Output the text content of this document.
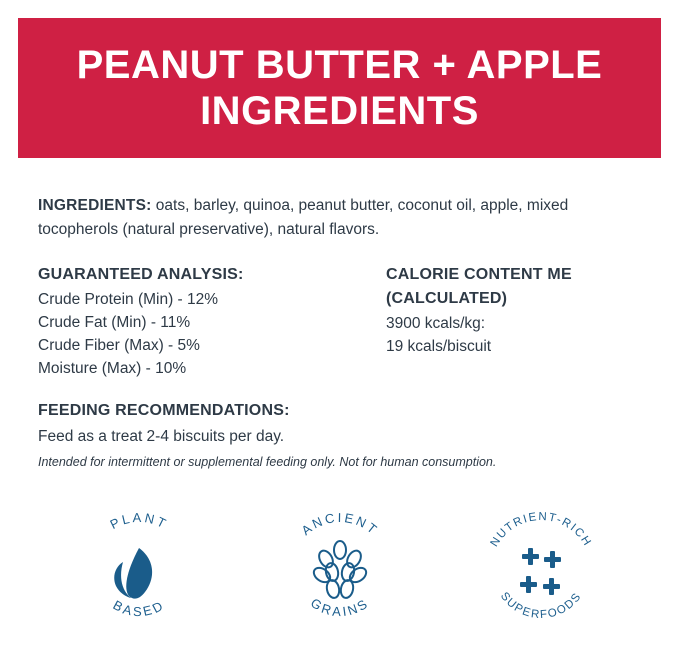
PEANUT BUTTER + APPLE INGREDIENTS

INGREDIENTS: oats, barley, quinoa, peanut butter, coconut oil, apple, mixed tocopherols (natural preservative), natural flavors.

GUARANTEED ANALYSIS:

Crude Protein (Min) - 12%

Crude Fat (Min) - 11%

Crude Fiber (Max) - 5%

Moisture (Max) - 10%

CALORIE CONTENT ME

(CALCULATED)

3900 kcals/kg:

19 kcals/biscuit

FEEDING RECOMMENDATIONS:

Feed as a treat 2-4 biscuits per day.

Intended for intermittent or supplemental feeding only. Not for human consumption.

PLANT
BASED
ANCIENT
GRAINS
NUTRIENT-RICH
SUPERFOODS
